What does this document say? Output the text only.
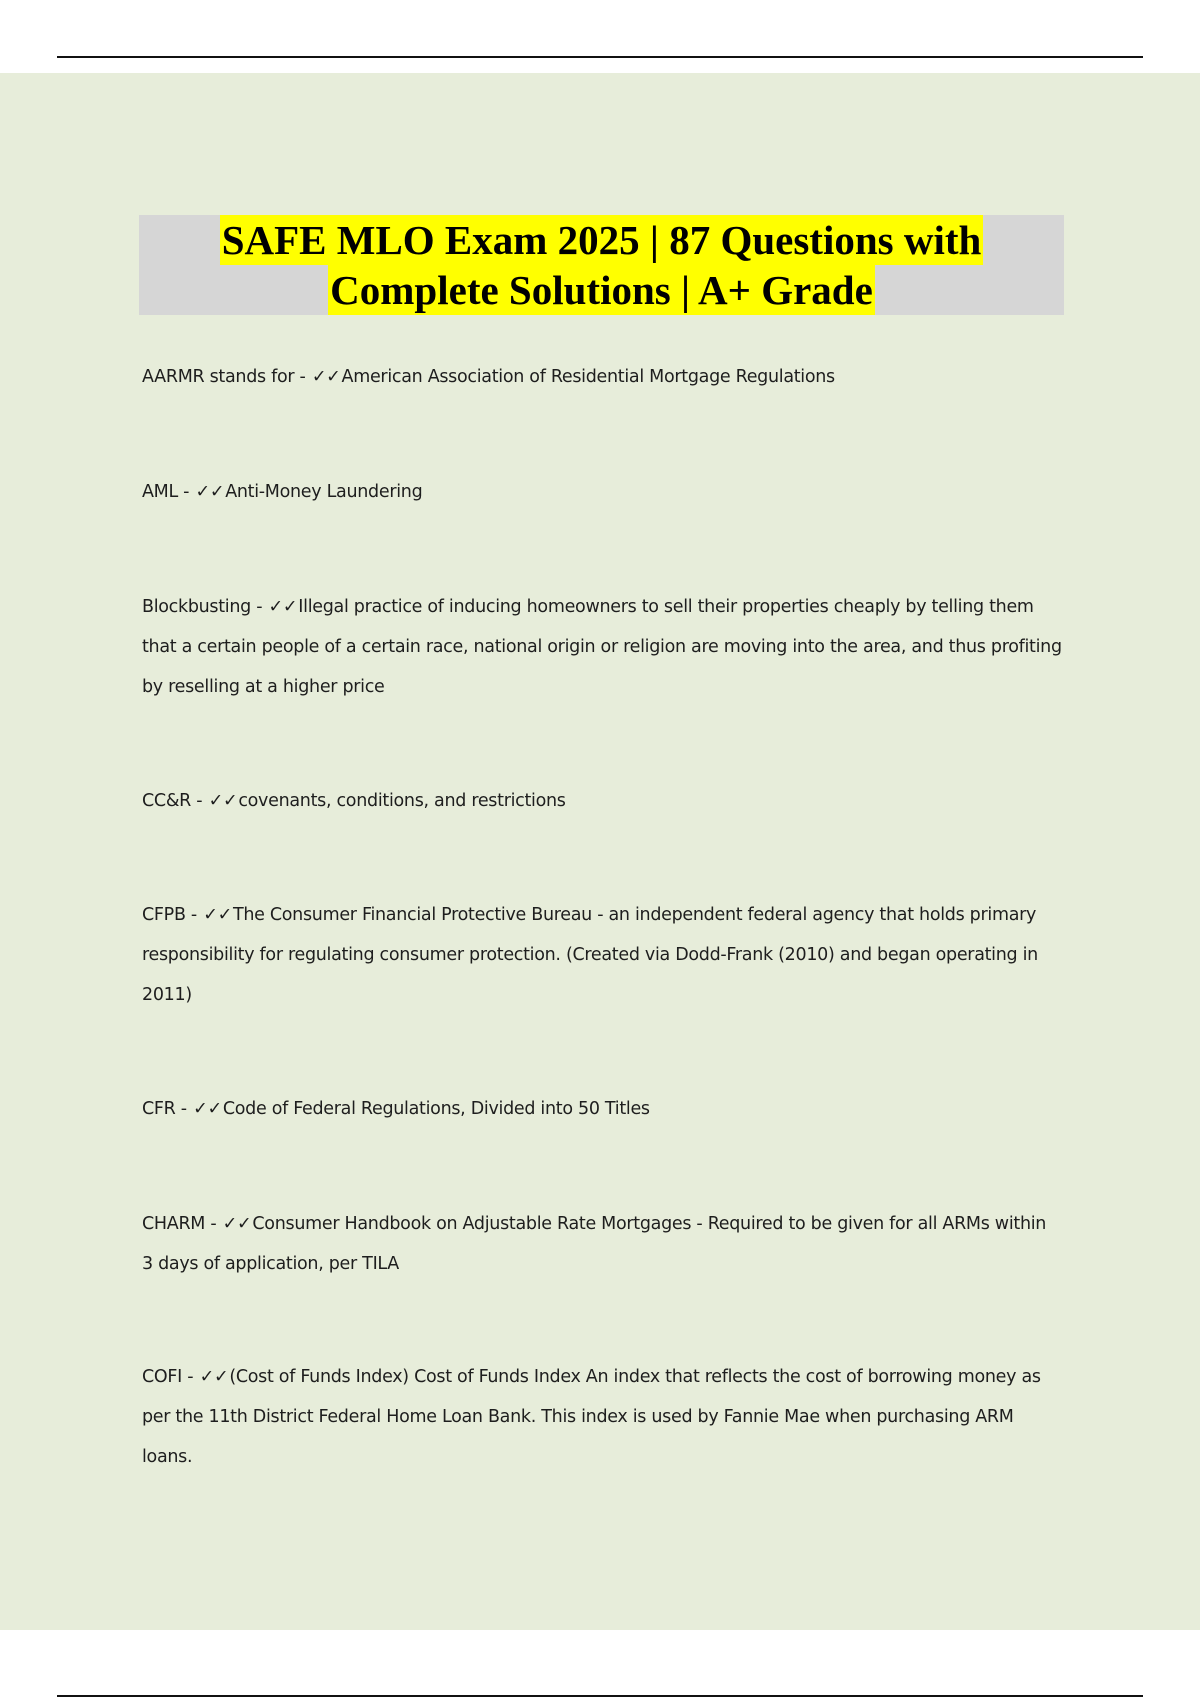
SAFE MLO Exam 2025 | 87 Questions with
Complete Solutions | A+ Grade
AARMR stands for - ✓✓American Association of Residential Mortgage Regulations
AML - ✓✓Anti-Money Laundering
Blockbusting - ✓✓Illegal practice of inducing homeowners to sell their properties cheaply by telling them that a certain people of a certain race, national origin or religion are moving into the area, and thus profiting by reselling at a higher price
CC&R - ✓✓covenants, conditions, and restrictions
CFPB - ✓✓The Consumer Financial Protective Bureau - an independent federal agency that holds primary responsibility for regulating consumer protection. (Created via Dodd-Frank (2010) and began operating in 2011)
CFR - ✓✓Code of Federal Regulations, Divided into 50 Titles
CHARM - ✓✓Consumer Handbook on Adjustable Rate Mortgages - Required to be given for all ARMs within 3 days of application, per TILA
COFI - ✓✓(Cost of Funds Index) Cost of Funds Index An index that reflects the cost of borrowing money as per the 11th District Federal Home Loan Bank. This index is used by Fannie Mae when purchasing ARM loans.
